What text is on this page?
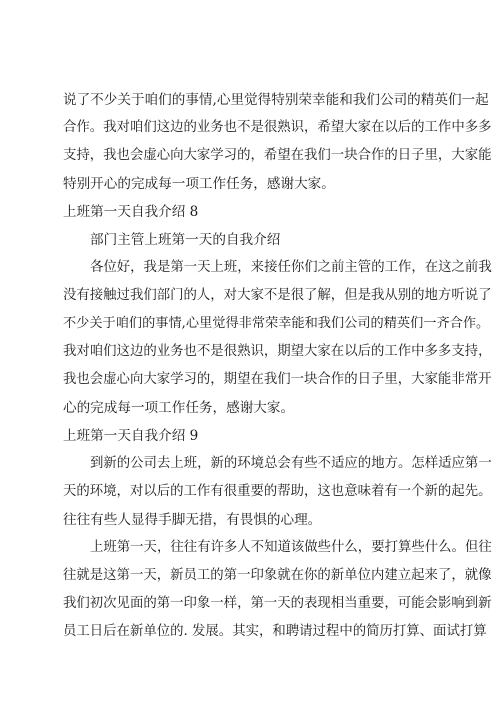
说了不少关于咱们的事情,心里觉得特别荣幸能和我们公司的精英们一起
合作。我对咱们这边的业务也不是很熟识，希望大家在以后的工作中多多
支持，我也会虚心向大家学习的，希望在我们一块合作的日子里，大家能
特别开心的完成每一项工作任务，感谢大家。
上班第一天自我介绍 8
部门主管上班第一天的自我介绍
各位好，我是第一天上班，来接任你们之前主管的工作，在这之前我
没有接触过我们部门的人，对大家不是很了解，但是我从别的地方听说了
不少关于咱们的事情,心里觉得非常荣幸能和我们公司的精英们一齐合作。
我对咱们这边的业务也不是很熟识，期望大家在以后的工作中多多支持，
我也会虚心向大家学习的，期望在我们一块合作的日子里，大家能非常开
心的完成每一项工作任务，感谢大家。
上班第一天自我介绍 9
到新的公司去上班，新的环境总会有些不适应的地方。怎样适应第一
天的环境，对以后的工作有很重要的帮助，这也意味着有一个新的起先。
往往有些人显得手脚无措，有畏惧的心理。
上班第一天，往往有许多人不知道该做些什么，要打算些什么。但往
往就是这第一天，新员工的第一印象就在你的新单位内建立起来了，就像
我们初次见面的第一印象一样，第一天的表现相当重要，可能会影响到新
员工日后在新单位的. 发展。其实，和聘请过程中的简历打算、面试打算
